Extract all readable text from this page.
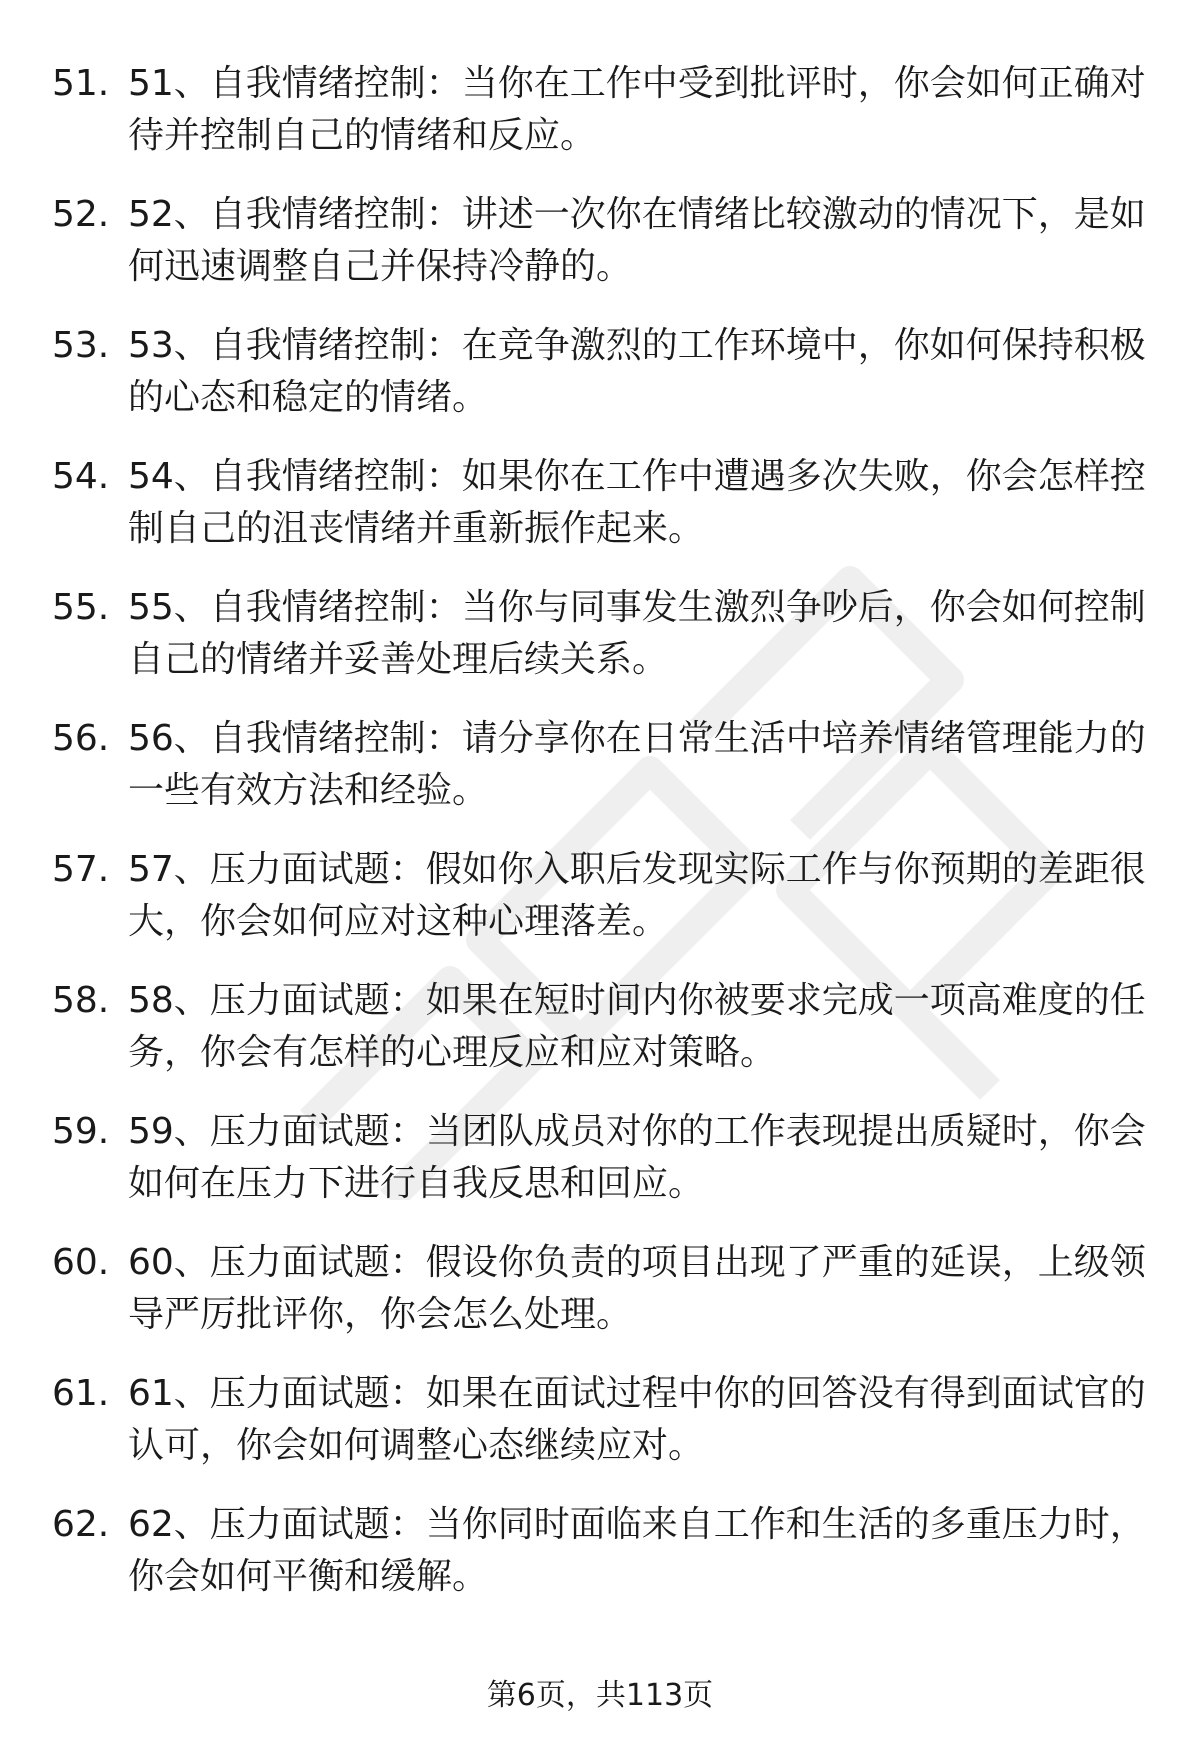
51. 51、自我情绪控制：当你在工作中受到批评时，你会如何正确对待并控制自己的情绪和反应。
52. 52、自我情绪控制：讲述一次你在情绪比较激动的情况下，是如何迅速调整自己并保持冷静的。
53. 53、自我情绪控制：在竞争激烈的工作环境中，你如何保持积极的心态和稳定的情绪。
54. 54、自我情绪控制：如果你在工作中遭遇多次失败，你会怎样控制自己的沮丧情绪并重新振作起来。
55. 55、自我情绪控制：当你与同事发生激烈争吵后，你会如何控制自己的情绪并妥善处理后续关系。
56. 56、自我情绪控制：请分享你在日常生活中培养情绪管理能力的一些有效方法和经验。
57. 57、压力面试题：假如你入职后发现实际工作与你预期的差距很大，你会如何应对这种心理落差。
58. 58、压力面试题：如果在短时间内你被要求完成一项高难度的任务，你会有怎样的心理反应和应对策略。
59. 59、压力面试题：当团队成员对你的工作表现提出质疑时，你会如何在压力下进行自我反思和回应。
60. 60、压力面试题：假设你负责的项目出现了严重的延误，上级领导严厉批评你，你会怎么处理。
61. 61、压力面试题：如果在面试过程中你的回答没有得到面试官的认可，你会如何调整心态继续应对。
62. 62、压力面试题：当你同时面临来自工作和生活的多重压力时，你会如何平衡和缓解。
第6页，共113页
